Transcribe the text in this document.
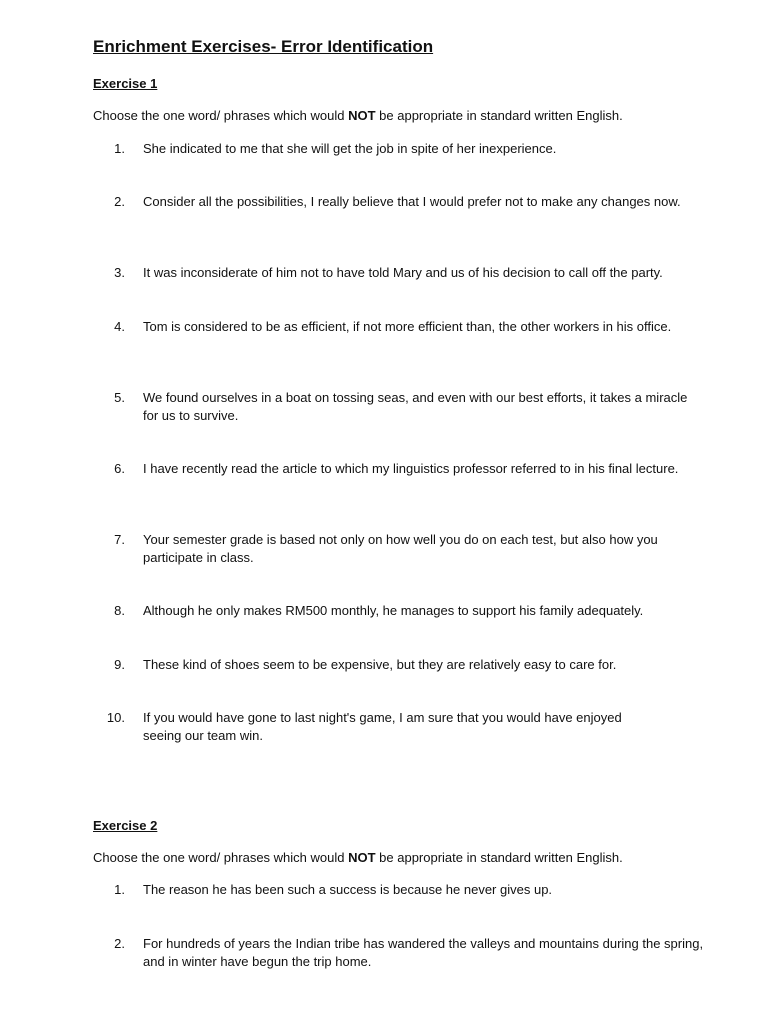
Enrichment Exercises- Error Identification
Exercise 1

Choose the one word/ phrases which would NOT be appropriate in standard written English.

1. She indicated to me that she will get the job in spite of her inexperience.
2. Consider all the possibilities, I really believe that I would prefer not to make any changes now.
3. It was inconsiderate of him not to have told Mary and us of his decision to call off the party.
4. Tom is considered to be as efficient, if not more efficient than, the other workers in his office.
5. We found ourselves in a boat on tossing seas, and even with our best efforts, it takes a miracle for us to survive.
6. I have recently read the article to which my linguistics professor referred to in his final lecture.
7. Your semester grade is based not only on how well you do on each test, but also how you participate in class.
8. Although he only makes RM500 monthly, he manages to support his family adequately.
9. These kind of shoes seem to be expensive, but they are relatively easy to care for.
10. If you would have gone to last night's game, I am sure that you would have enjoyed seeing our team win.
Exercise 2

Choose the one word/ phrases which would NOT be appropriate in standard written English.

1. The reason he has been such a success is because he never gives up.
2. For hundreds of years the Indian tribe has wandered the valleys and mountains during the spring, and in winter have begun the trip home.
